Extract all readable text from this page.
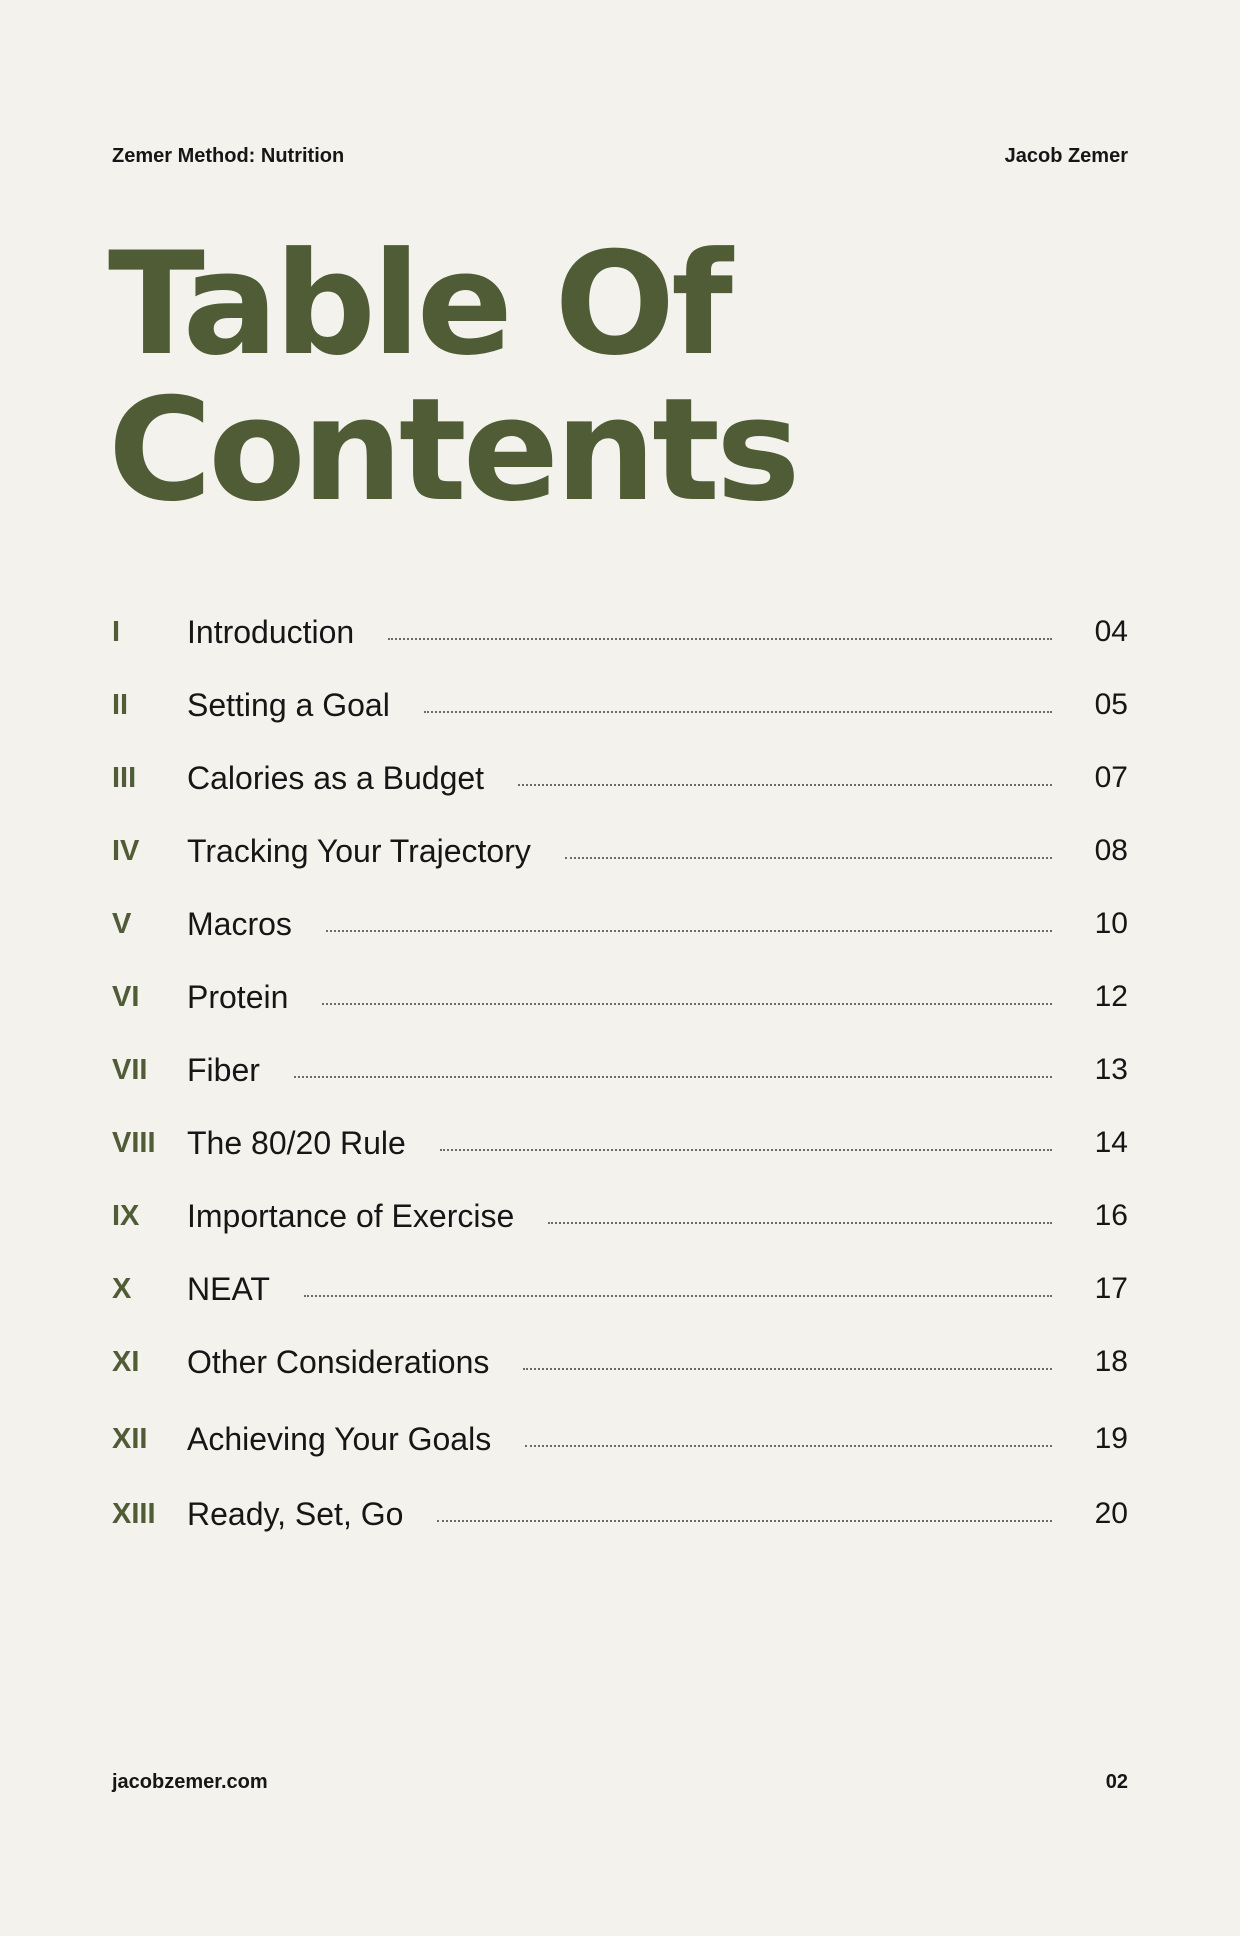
Zemer Method: Nutrition	Jacob Zemer
Table Of
Contents
I	Introduction	04
II	Setting a Goal	05
III	Calories as a Budget	07
IV	Tracking Your Trajectory	08
V	Macros	10
VI	Protein	12
VII	Fiber	13
VIII The 80/20 Rule	14
IX	Importance of Exercise	16
X	NEAT	17
XI	Other Considerations	18
XII	Achieving Your Goals	19
XIII Ready, Set, Go	20
jacobzemer.com	02
